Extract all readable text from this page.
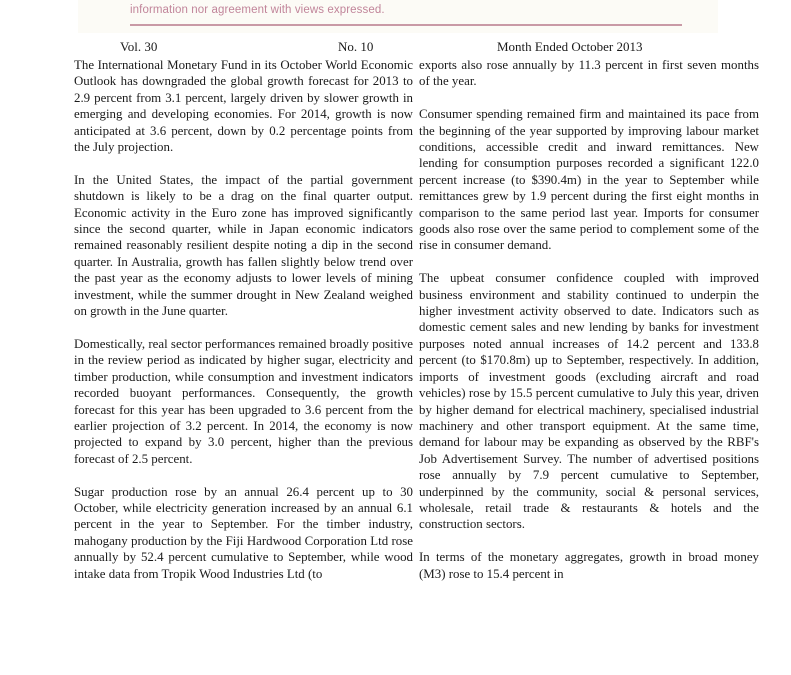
information nor agreement with views expressed.
Vol. 30	No. 10	Month Ended October 2013

The International Monetary Fund in its October World Economic Outlook has downgraded the global growth forecast for 2013 to 2.9 percent from 3.1 percent, largely driven by slower growth in emerging and developing economies. For 2014, growth is now anticipated at 3.6 percent, down by 0.2 percentage points from the July projection.

In the United States, the impact of the partial government shutdown is likely to be a drag on the final quarter output. Economic activity in the Euro zone has improved significantly since the second quarter, while in Japan economic indicators remained reasonably resilient despite noting a dip in the second quarter. In Australia, growth has fallen slightly below trend over the past year as the economy adjusts to lower levels of mining investment, while the summer drought in New Zealand weighed on growth in the June quarter.

Domestically, real sector performances remained broadly positive in the review period as indicated by higher sugar, electricity and timber production, while consumption and investment indicators recorded buoyant performances. Consequently, the growth forecast for this year has been upgraded to 3.6 percent from the earlier projection of 3.2 percent. In 2014, the economy is now projected to expand by 3.0 percent, higher than the previous forecast of 2.5 percent.

Sugar production rose by an annual 26.4 percent up to 30 October, while electricity generation increased by an annual 6.1 percent in the year to September. For the timber industry, mahogany production by the Fiji Hardwood Corporation Ltd rose annually by 52.4 percent cumulative to September, while wood intake data from Tropik Wood Industries Ltd (to

exports also rose annually by 11.3 percent in first seven months of the year.

Consumer spending remained firm and maintained its pace from the beginning of the year supported by improving labour market conditions, accessible credit and inward remittances. New lending for consumption purposes recorded a significant 122.0 percent increase (to $390.4m) in the year to September while remittances grew by 1.9 percent during the first eight months in comparison to the same period last year. Imports for consumer goods also rose over the same period to complement some of the rise in consumer demand.

The upbeat consumer confidence coupled with improved business environment and stability continued to underpin the higher investment activity observed to date. Indicators such as domestic cement sales and new lending by banks for investment purposes noted annual increases of 14.2 percent and 133.8 percent (to $170.8m) up to September, respectively. In addition, imports of investment goods (excluding aircraft and road vehicles) rose by 15.5 percent cumulative to July this year, driven by higher demand for electrical machinery, specialised industrial machinery and other transport equipment. At the same time, demand for labour may be expanding as observed by the RBF's Job Advertisement Survey. The number of advertised positions rose annually by 7.9 percent cumulative to September, underpinned by the community, social & personal services, wholesale, retail trade & restaurants & hotels and the construction sectors.

In terms of the monetary aggregates, growth in broad money (M3) rose to 15.4 percent in
